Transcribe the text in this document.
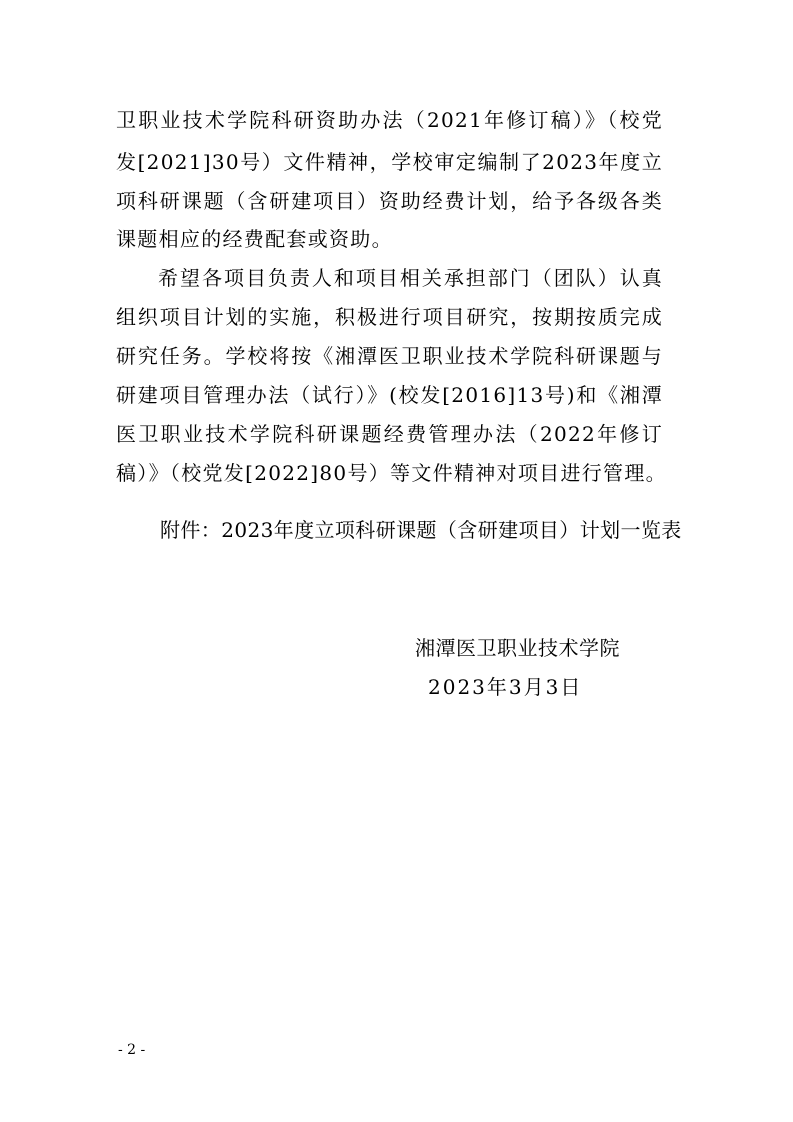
卫职业技术学院科研资助办法（2021年修订稿）》（校党
发[2021]30号）文件精神，学校审定编制了2023年度立
项科研课题（含研建项目）资助经费计划，给予各级各类
课题相应的经费配套或资助。
希望各项目负责人和项目相关承担部门（团队）认真
组织项目计划的实施，积极进行项目研究，按期按质完成
研究任务。学校将按《湘潭医卫职业技术学院科研课题与
研建项目管理办法（试行）》(校发[2016]13号)和《湘潭
医卫职业技术学院科研课题经费管理办法（2022年修订
稿）》（校党发[2022]80号）等文件精神对项目进行管理。
附件：2023年度立项科研课题（含研建项目）计划一览表
湘潭医卫职业技术学院
2023年3月3日
- 2 -
